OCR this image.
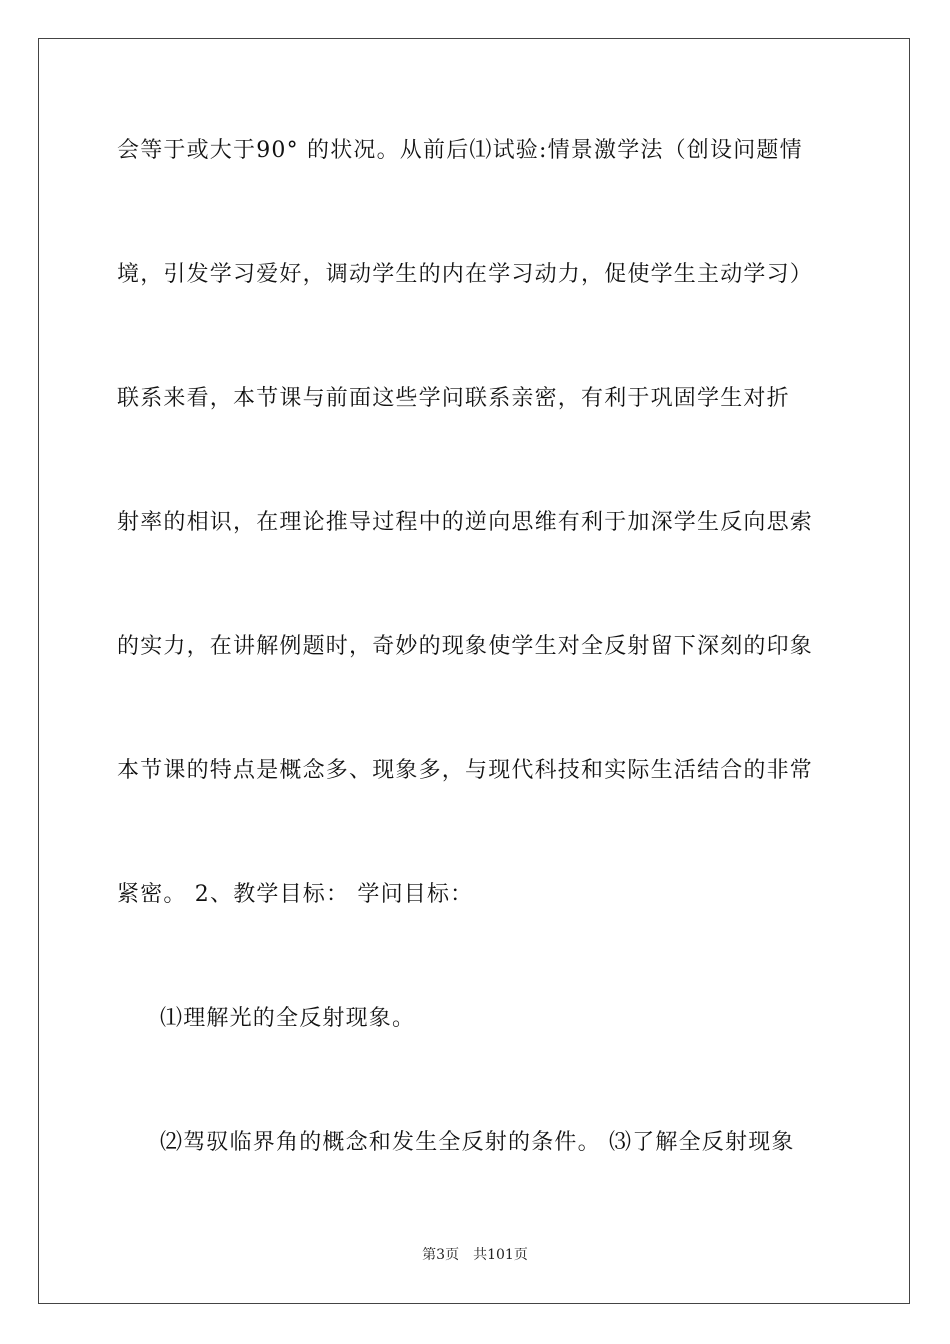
会等于或大于90° 的状况。从前后⑴试验:情景激学法（创设问题情
境，引发学习爱好，调动学生的内在学习动力，促使学生主动学习）
联系来看，本节课与前面这些学问联系亲密，有利于巩固学生对折
射率的相识，在理论推导过程中的逆向思维有利于加深学生反向思索
的实力，在讲解例题时，奇妙的现象使学生对全反射留下深刻的印象
本节课的特点是概念多、现象多，与现代科技和实际生活结合的非常
紧密。 2、教学目标： 学问目标：
⑴理解光的全反射现象。
⑵驾驭临界角的概念和发生全反射的条件。 ⑶了解全反射现象
第3页 共101页
